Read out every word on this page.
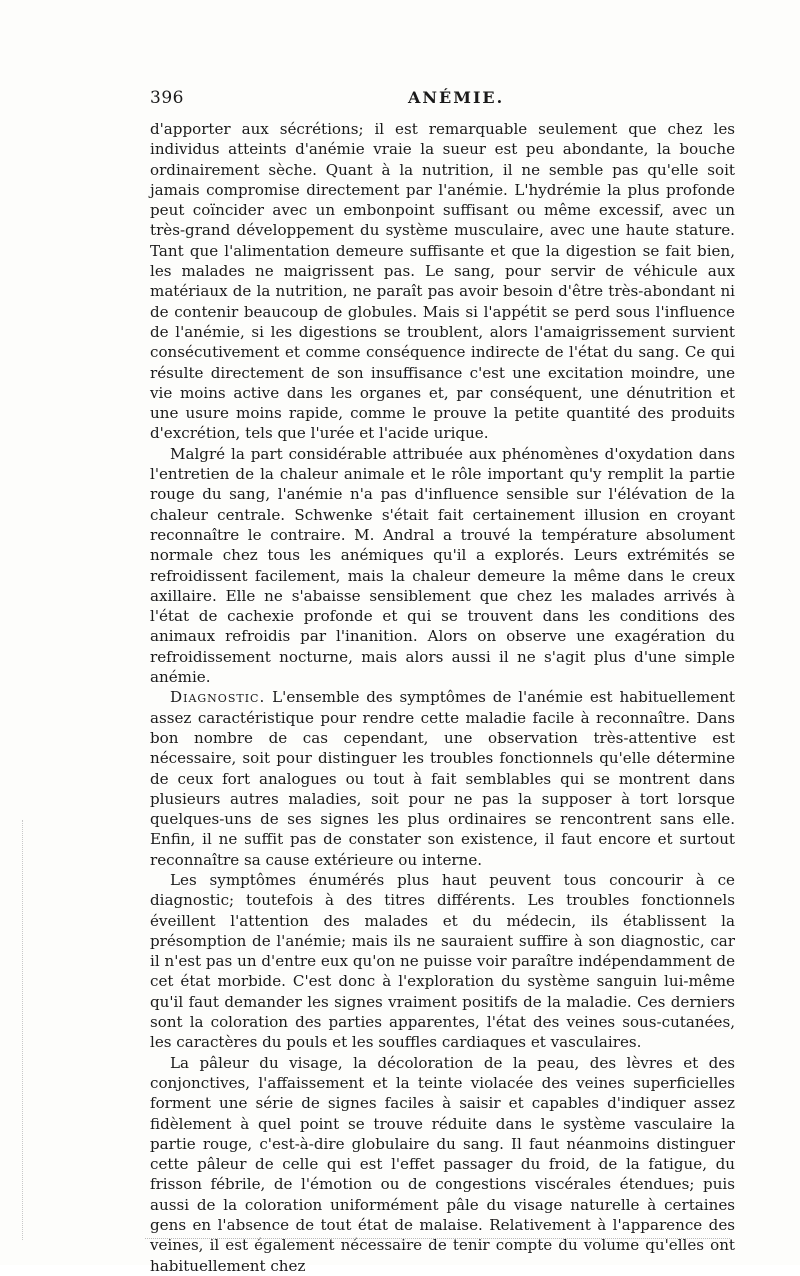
396	ANÉMIE.

d'apporter aux sécrétions; il est remarquable seulement que chez les individus atteints d'anémie vraie la sueur est peu abondante, la bouche ordinairement sèche. Quant à la nutrition, il ne semble pas qu'elle soit jamais compromise directement par l'anémie. L'hydrémie la plus profonde peut coïncider avec un embonpoint suffisant ou même excessif, avec un très-grand développement du système musculaire, avec une haute stature. Tant que l'alimentation demeure suffisante et que la digestion se fait bien, les malades ne maigrissent pas. Le sang, pour servir de véhicule aux matériaux de la nutrition, ne paraît pas avoir besoin d'être très-abondant ni de contenir beaucoup de globules. Mais si l'appétit se perd sous l'influence de l'anémie, si les digestions se troublent, alors l'amaigrissement survient consécutivement et comme conséquence indirecte de l'état du sang. Ce qui résulte directement de son insuffisance c'est une excitation moindre, une vie moins active dans les organes et, par conséquent, une dénutrition et une usure moins rapide, comme le prouve la petite quantité des produits d'excrétion, tels que l'urée et l'acide urique.

Malgré la part considérable attribuée aux phénomènes d'oxydation dans l'entretien de la chaleur animale et le rôle important qu'y remplit la partie rouge du sang, l'anémie n'a pas d'influence sensible sur l'élévation de la chaleur centrale. Schwenke s'était fait certainement illusion en croyant reconnaître le contraire. M. Andral a trouvé la température absolument normale chez tous les anémiques qu'il a explorés. Leurs extrémités se refroidissent facilement, mais la chaleur demeure la même dans le creux axillaire. Elle ne s'abaisse sensiblement que chez les malades arrivés à l'état de cachexie profonde et qui se trouvent dans les conditions des animaux refroidis par l'inanition. Alors on observe une exagération du refroidissement nocturne, mais alors aussi il ne s'agit plus d'une simple anémie.

Diagnostic. L'ensemble des symptômes de l'anémie est habituellement assez caractéristique pour rendre cette maladie facile à reconnaître. Dans bon nombre de cas cependant, une observation très-attentive est nécessaire, soit pour distinguer les troubles fonctionnels qu'elle détermine de ceux fort analogues ou tout à fait semblables qui se montrent dans plusieurs autres maladies, soit pour ne pas la supposer à tort lorsque quelques-uns de ses signes les plus ordinaires se rencontrent sans elle. Enfin, il ne suffit pas de constater son existence, il faut encore et surtout reconnaître sa cause extérieure ou interne.

Les symptômes énumérés plus haut peuvent tous concourir à ce diagnostic; toutefois à des titres différents. Les troubles fonctionnels éveillent l'attention des malades et du médecin, ils établissent la présomption de l'anémie; mais ils ne sauraient suffire à son diagnostic, car il n'est pas un d'entre eux qu'on ne puisse voir paraître indépendamment de cet état morbide. C'est donc à l'exploration du système sanguin lui-même qu'il faut demander les signes vraiment positifs de la maladie. Ces derniers sont la coloration des parties apparentes, l'état des veines sous-cutanées, les caractères du pouls et les souffles cardiaques et vasculaires.

La pâleur du visage, la décoloration de la peau, des lèvres et des conjonctives, l'affaissement et la teinte violacée des veines superficielles forment une série de signes faciles à saisir et capables d'indiquer assez fidèlement à quel point se trouve réduite dans le système vasculaire la partie rouge, c'est-à-dire globulaire du sang. Il faut néanmoins distinguer cette pâleur de celle qui est l'effet passager du froid, de la fatigue, du frisson fébrile, de l'émotion ou de congestions viscérales étendues; puis aussi de la coloration uniformément pâle du visage naturelle à certaines gens en l'absence de tout état de malaise. Relativement à l'apparence des veines, il est également nécessaire de tenir compte du volume qu'elles ont habituellement chez
